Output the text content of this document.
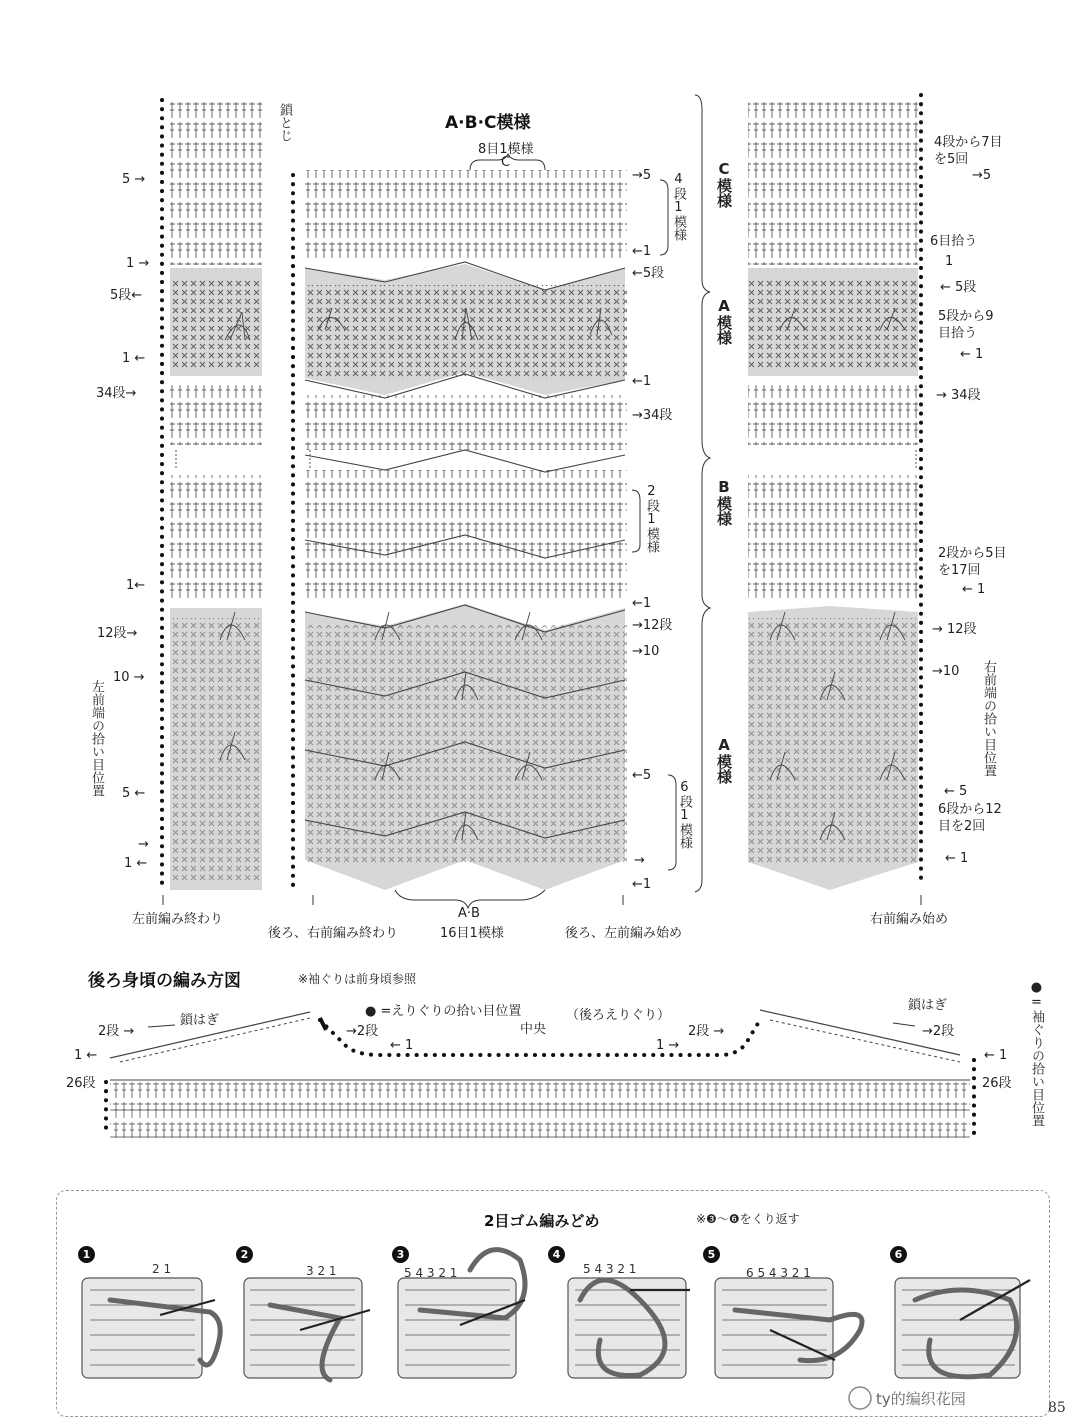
A·B·C模様
8目1模様
C
5 →
1 →
5段←
1 ←
34段→
1←
12段→
10 →
5 ←
→
1 ←
左前端の拾い目位置
鎖とじ
→5
←1
←5段
←1
→34段
←1
→12段
→10
←5
→
←1
4段1模様
2段1模様
6段1模様
C模様
A模様
B模様
A模様
4段から7目を5回
→5
6目拾う
1
← 5段
5段から9目拾う
← 1
→ 34段
2段から5目を17回
← 1
→ 12段
→10 右前端の拾い目位置
← 5
6段から12目を2回
← 1
左前編み終わり
後ろ、右前編み終わり
A·B
16目1模様	後ろ、左前編み始め
右前編み始め
後ろ身頃の編み方図	※袖ぐりは前身頃参照
● =えりぐりの拾い目位置	（後ろえりぐり）
中央
鎖はぎ
鎖はぎ
2段 →
1 ←
26段
→2段
← 1	1 →
2段 →	→2段
← 1
26段 ●=袖ぐりの拾い目位置
2目ゴム編みどめ	※❸〜❻をくり返す
1
2 1
2
3 2 1
3
5 4 3 2 1
4
5 4 3 2 1
5
6 5 4 3 2 1
6
ty的编织花园	85
